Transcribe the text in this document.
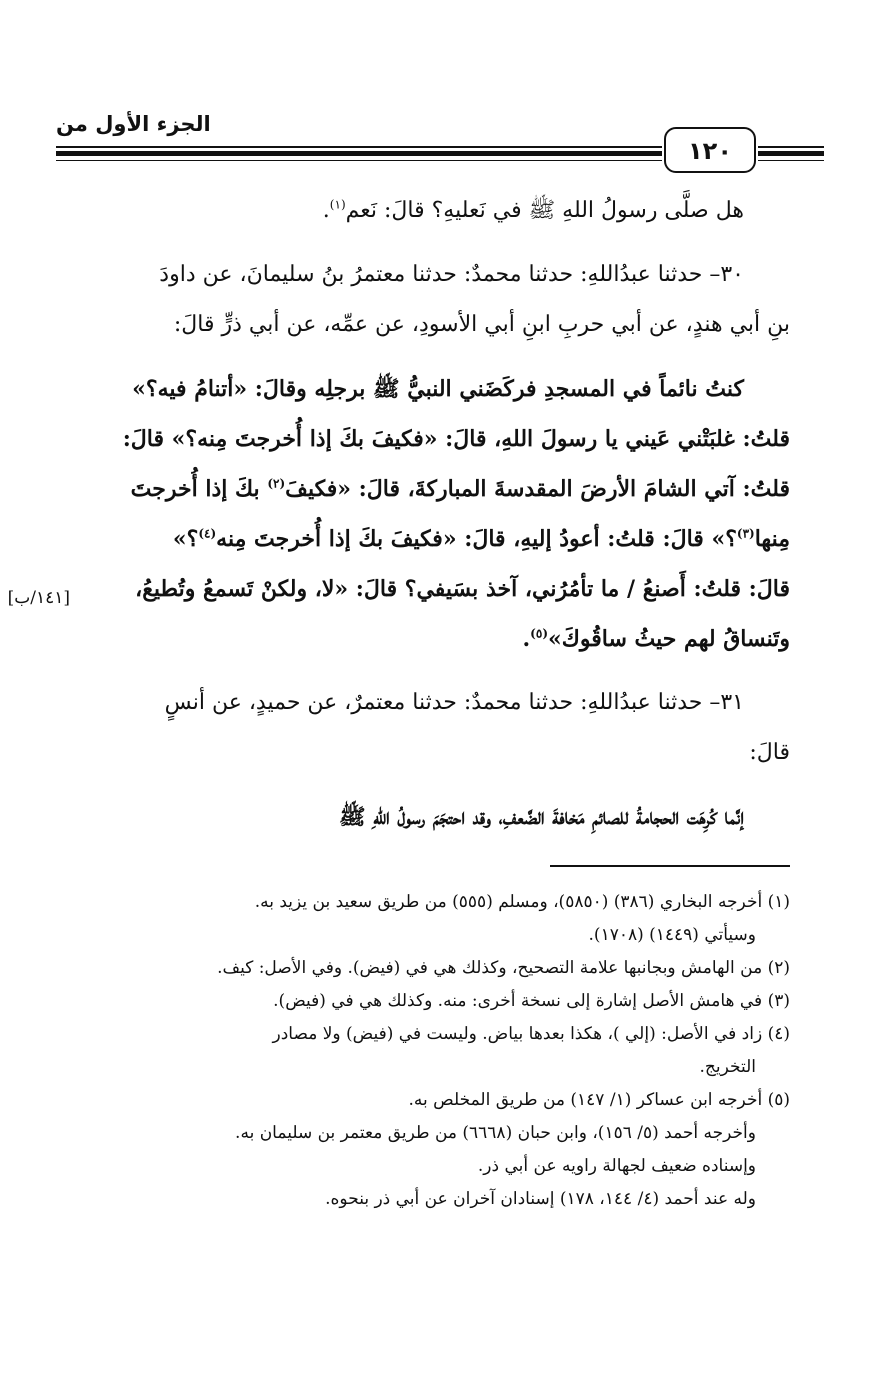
الجزء الأول من
١٢٠
[١٤١/ب]

هل صلَّى رسولُ اللهِ ﷺ في نَعليهِ؟ قالَ: نَعم$^{(١)}$.

٣٠– حدثنا عبدُاللهِ: حدثنا محمدٌ: حدثنا معتمرُ بنُ سليمانَ، عن داودَ

بنِ أبي هندٍ، عن أبي حربِ ابنِ أبي الأسودِ، عن عمِّه، عن أبي ذرٍّ قالَ:

كنتُ نائماً في المسجدِ فركَضَني النبيُّ ﷺ برجلِه وقالَ: «أتنامُ فيه؟»

قلتُ: غلبَتْني عَيني يا رسولَ اللهِ، قالَ: «فكيفَ بكَ إذا أُخرجتَ مِنه؟» قالَ:

قلتُ: آتي الشامَ الأرضَ المقدسةَ المباركةَ، قالَ: «فكيفَ$^{(٢)}$ بكَ إذا أُخرجتَ

مِنها$^{(٣)}$؟» قالَ: قلتُ: أعودُ إليهِ، قالَ: «فكيفَ بكَ إذا أُخرجتَ مِنه$^{(٤)}$؟»

قالَ: قلتُ: أَصنعُ / ما تأمُرُني، آخذ بسَيفي؟ قالَ: «لا، ولكنْ تَسمعُ وتُطيعُ،

وتَنساقُ لهم حيثُ ساقُوكَ»$^{(٥)}$.

٣١– حدثنا عبدُاللهِ: حدثنا محمدٌ: حدثنا معتمرٌ، عن حميدٍ، عن أنسٍ

قالَ:

إنَّما كُرِهَت الحجامةُ للصائمِ مَخافةَ الضَّعفِ، وقد احتجَمَ رسولُ اللهِ ﷺ

(١) أخرجه البخاري (٣٨٦) (٥٨٥٠)، ومسلم (٥٥٥) من طريق سعيد بن يزيد به.

وسيأتي (١٤٤٩) (١٧٠٨).

(٢) من الهامش وبجانبها علامة التصحيح، وكذلك هي في (فيض). وفي الأصل: كيف.

(٣) في هامش الأصل إشارة إلى نسخة أخرى: منه. وكذلك هي في (فيض).

(٤) زاد في الأصل: (إلي )، هكذا بعدها بياض. وليست في (فيض) ولا مصادر

التخريج.

(٥) أخرجه ابن عساكر (١/ ١٤٧) من طريق المخلص به.

وأخرجه أحمد (٥/ ١٥٦)، وابن حبان (٦٦٦٨) من طريق معتمر بن سليمان به.

وإسناده ضعيف لجهالة راويه عن أبي ذر.

وله عند أحمد (٤/ ١٤٤، ١٧٨) إسنادان آخران عن أبي ذر بنحوه.
